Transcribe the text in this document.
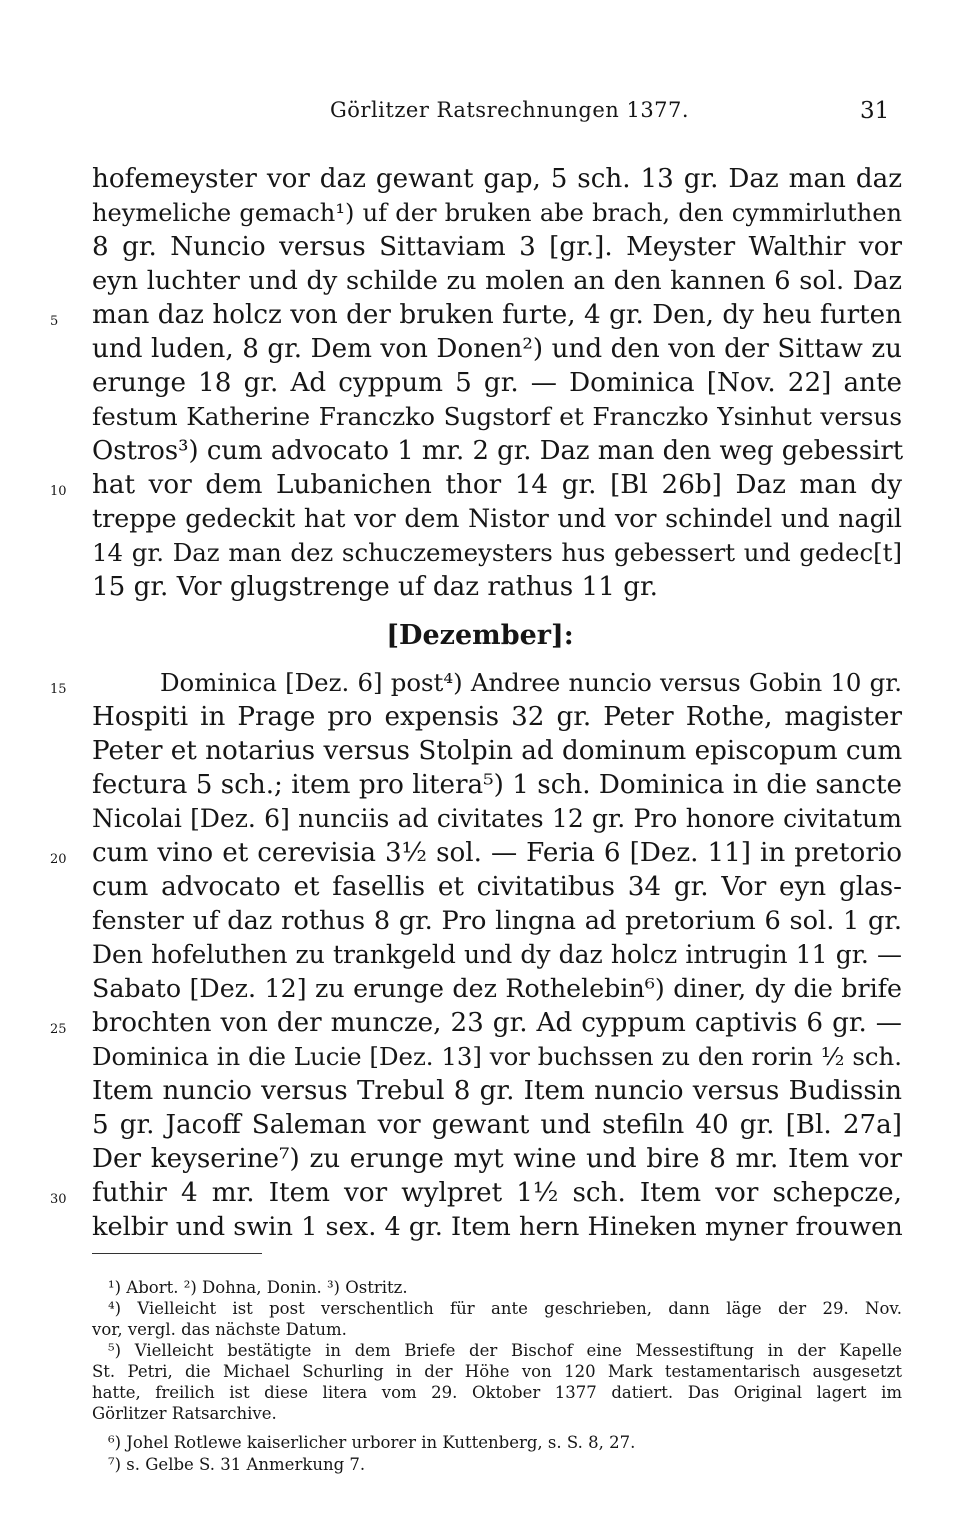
Görlitzer Ratsrechnungen 1377.	31
hofemeyster vor daz gewant gap, 5 sch. 13 gr. Daz man daz
heymeliche gemach¹) uf der bruken abe brach, den cymmirluthen
8 gr. Nuncio versus Sittaviam 3 [gr.]. Meyster Walthir vor
eyn luchter und dy schilde zu molen an den kannen 6 sol. Daz
man daz holcz von der bruken furte, 4 gr. Den, dy heu furten
und luden, 8 gr. Dem von Donen²) und den von der Sittaw zu
erunge 18 gr. Ad cyppum 5 gr. — Dominica [Nov. 22] ante
festum Katherine Franczko Sugstorf et Franczko Ysinhut versus
Ostros³) cum advocato 1 mr. 2 gr. Daz man den weg gebessirt
hat vor dem Lubanichen thor 14 gr. [Bl 26b] Daz man dy
treppe gedeckit hat vor dem Nistor und vor schindel und nagil
14 gr. Daz man dez schuczemeysters hus gebessert und gedec[t]
15 gr. Vor glugstrenge uf daz rathus 11 gr.
[Dezember]:
Dominica [Dez. 6] post⁴) Andree nuncio versus Gobin 10 gr.
Hospiti in Prage pro expensis 32 gr. Peter Rothe, magister
Peter et notarius versus Stolpin ad dominum episcopum cum
fectura 5 sch.; item pro litera⁵) 1 sch. Dominica in die sancte
Nicolai [Dez. 6] nunciis ad civitates 12 gr. Pro honore civitatum
cum vino et cerevisia 3½ sol. — Feria 6 [Dez. 11] in pretorio
cum advocato et fasellis et civitatibus 34 gr. Vor eyn glas-
fenster uf daz rothus 8 gr. Pro lingna ad pretorium 6 sol. 1 gr.
Den hofeluthen zu trankgeld und dy daz holcz intrugin 11 gr. —
Sabato [Dez. 12] zu erunge dez Rothelebin⁶) diner, dy die brife
brochten von der muncze, 23 gr. Ad cyppum captivis 6 gr. —
Dominica in die Lucie [Dez. 13] vor buchssen zu den rorin ½ sch.
Item nuncio versus Trebul 8 gr. Item nuncio versus Budissin
5 gr. Jacoff Saleman vor gewant und stefiln 40 gr. [Bl. 27a]
Der keyserine⁷) zu erunge myt wine und bire 8 mr. Item vor
futhir 4 mr. Item vor wylpret 1½ sch. Item vor schepcze,
kelbir und swin 1 sex. 4 gr. Item hern Hineken myner frouwen
5
10
15
20
25
30
¹) Abort. ²) Dohna, Donin. ³) Ostritz.
⁴) Vielleicht ist post verschentlich für ante geschrieben, dann läge der 29. Nov.
vor, vergl. das nächste Datum.
⁵) Vielleicht bestätigte in dem Briefe der Bischof eine Messestiftung in der Kapelle
St. Petri, die Michael Schurling in der Höhe von 120 Mark testamentarisch ausgesetzt
hatte, freilich ist diese litera vom 29. Oktober 1377 datiert. Das Original lagert im
Görlitzer Ratsarchive.
⁶) Johel Rotlewe kaiserlicher urborer in Kuttenberg, s. S. 8, 27.
⁷) s. Gelbe S. 31 Anmerkung 7.
